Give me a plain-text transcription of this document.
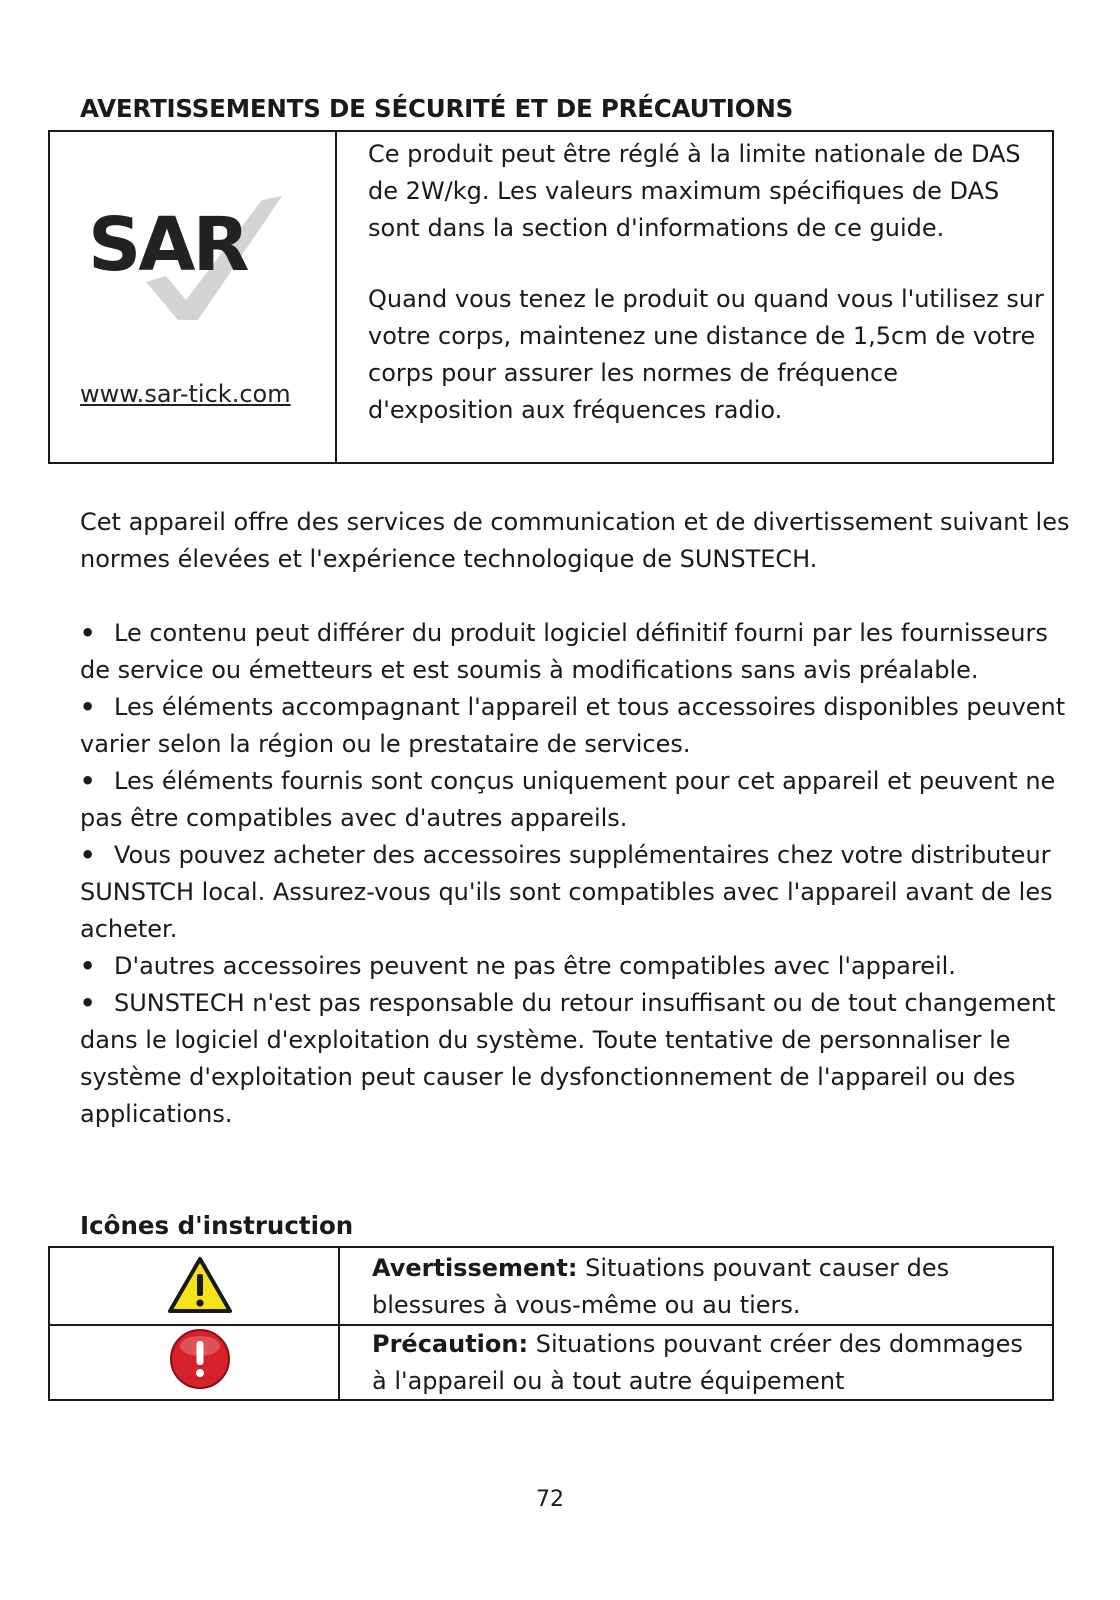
AVERTISSEMENTS DE SÉCURITÉ ET DE PRÉCAUTIONS
SAR
www.sar-tick.com

Ce produit peut être réglé à la limite nationale de DAS de 2W/kg. Les valeurs maximum spécifiques de DAS sont dans la section d'informations de ce guide.

Quand vous tenez le produit ou quand vous l'utilisez sur votre corps, maintenez une distance de 1,5cm de votre corps pour assurer les normes de fréquence d'exposition aux fréquences radio.

Cet appareil offre des services de communication et de divertissement suivant les normes élevées et l'expérience technologique de SUNSTECH.

• Le contenu peut différer du produit logiciel définitif fourni par les fournisseurs de service ou émetteurs et est soumis à modifications sans avis préalable.
• Les éléments accompagnant l'appareil et tous accessoires disponibles peuvent varier selon la région ou le prestataire de services.
• Les éléments fournis sont conçus uniquement pour cet appareil et peuvent ne pas être compatibles avec d'autres appareils.
• Vous pouvez acheter des accessoires supplémentaires chez votre distributeur SUNSTCH local. Assurez-vous qu'ils sont compatibles avec l'appareil avant de les acheter.
• D'autres accessoires peuvent ne pas être compatibles avec l'appareil.
• SUNSTECH n'est pas responsable du retour insuffisant ou de tout changement dans le logiciel d'exploitation du système. Toute tentative de personnaliser le système d'exploitation peut causer le dysfonctionnement de l'appareil ou des applications.
Icônes d'instruction
Avertissement: Situations pouvant causer des blessures à vous-même ou au tiers.
Précaution: Situations pouvant créer des dommages à l'appareil ou à tout autre équipement
72
